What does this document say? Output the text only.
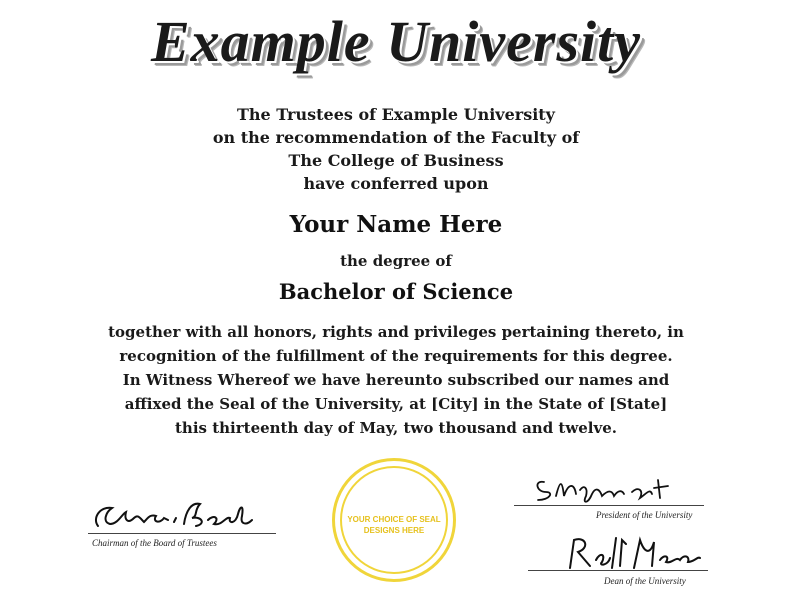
Example University
The Trustees of Example University
on the recommendation of the Faculty of
The College of Business
have conferred upon
Your Name Here
the degree of
Bachelor of Science
together with all honors, rights and privileges pertaining thereto, in
recognition of the fulfillment of the requirements for this degree.
In Witness Whereof we have hereunto subscribed our names and
affixed the Seal of the University, at [City] in the State of [State]
this thirteenth day of May, two thousand and twelve.
Chairman of the Board of Trustees
YOUR CHOICE OF SEAL DESIGNS HERE
President of the University
Dean of the University
